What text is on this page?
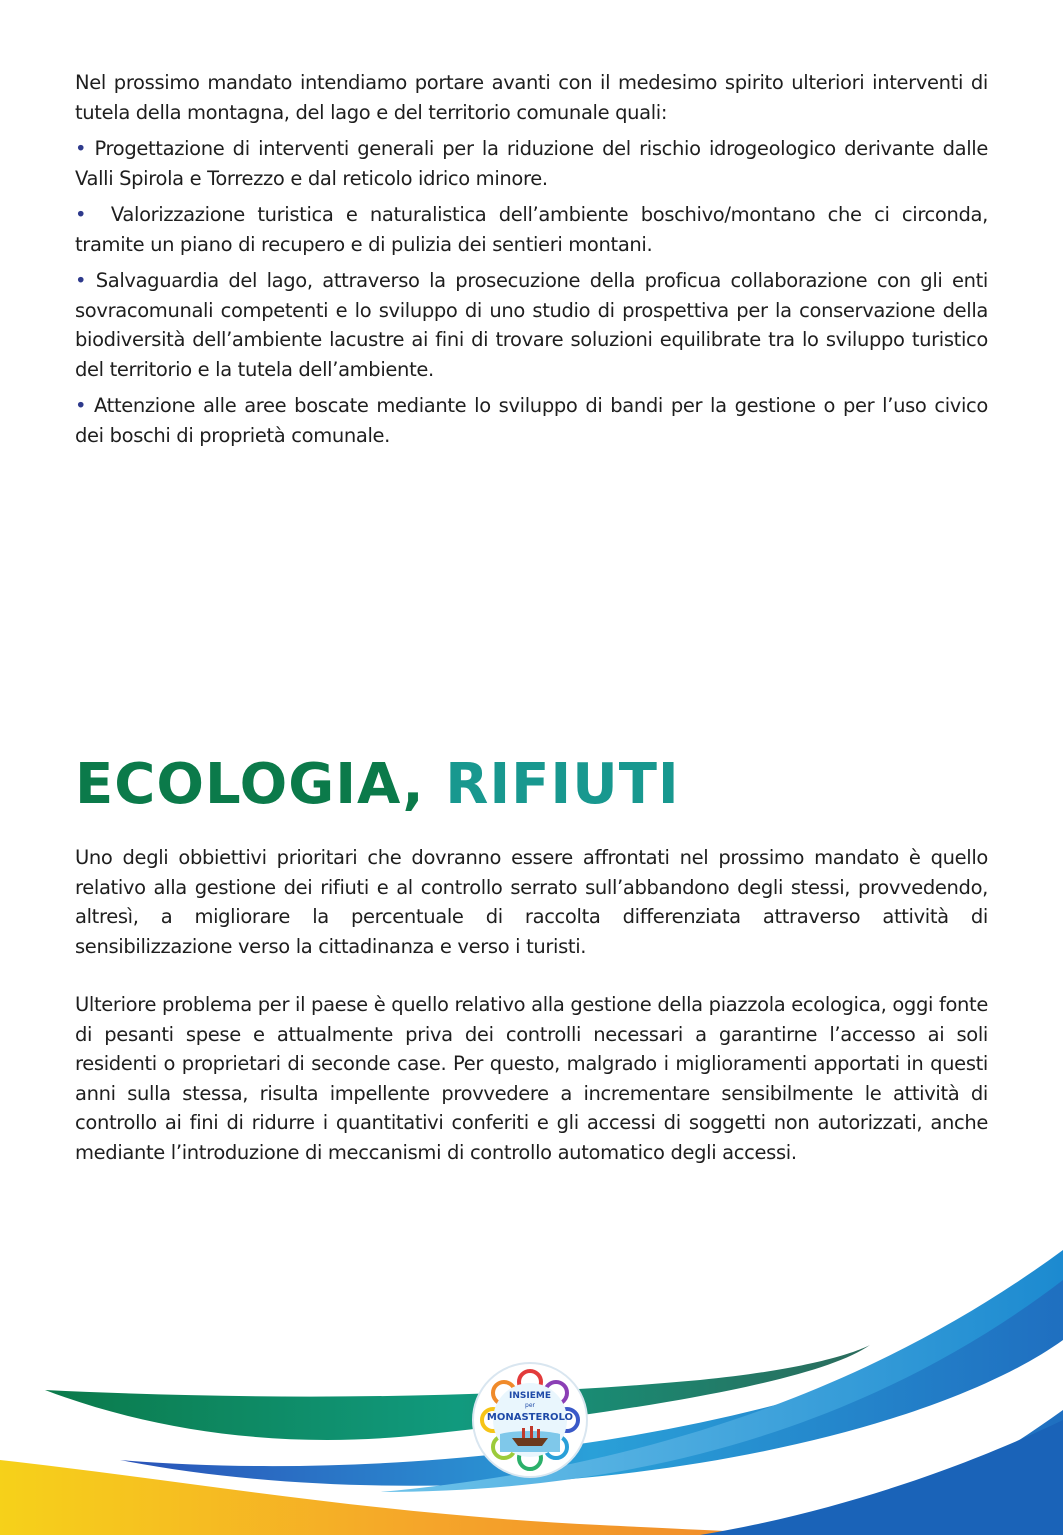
Nel prossimo mandato intendiamo portare avanti con il medesimo spirito ulteriori interventi di tutela della montagna, del lago e del territorio comunale quali:

• Progettazione di interventi generali per la riduzione del rischio idrogeologico derivante dalle Valli Spirola e Torrezzo e dal reticolo idrico minore.

• Valorizzazione turistica e naturalistica dell’ambiente boschivo/montano che ci circonda, tramite un piano di recupero e di pulizia dei sentieri montani.

• Salvaguardia del lago, attraverso la prosecuzione della proficua collaborazione con gli enti sovracomunali competenti e lo sviluppo di uno studio di prospettiva per la conservazione della biodiversità dell’ambiente lacustre ai fini di trovare soluzioni equilibrate tra lo sviluppo turistico del territorio e la tutela dell’ambiente.

• Attenzione alle aree boscate mediante lo sviluppo di bandi per la gestione o per l’uso civico dei boschi di proprietà comunale.

ECOLOGIA, RIFIUTI

Uno degli obbiettivi prioritari che dovranno essere affrontati nel prossimo mandato è quello relativo alla gestione dei rifiuti e al controllo serrato sull’abbandono degli stessi, provvedendo, altresì, a migliorare la percentuale di raccolta differenziata attraverso attività di sensibilizzazione verso la cittadinanza e verso i turisti.

Ulteriore problema per il paese è quello relativo alla gestione della piazzola ecologica, oggi fonte di pesanti spese e attualmente priva dei controlli necessari a garantirne l’accesso ai soli residenti o proprietari di seconde case. Per questo, malgrado i miglioramenti apportati in questi anni sulla stessa, risulta impellente provvedere a incrementare sensibilmente le attività di controllo ai fini di ridurre i quantitativi conferiti e gli accessi di soggetti non autorizzati, anche mediante l’introduzione di meccanismi di controllo automatico degli accessi.

INSIEME
per
MONASTEROLO
